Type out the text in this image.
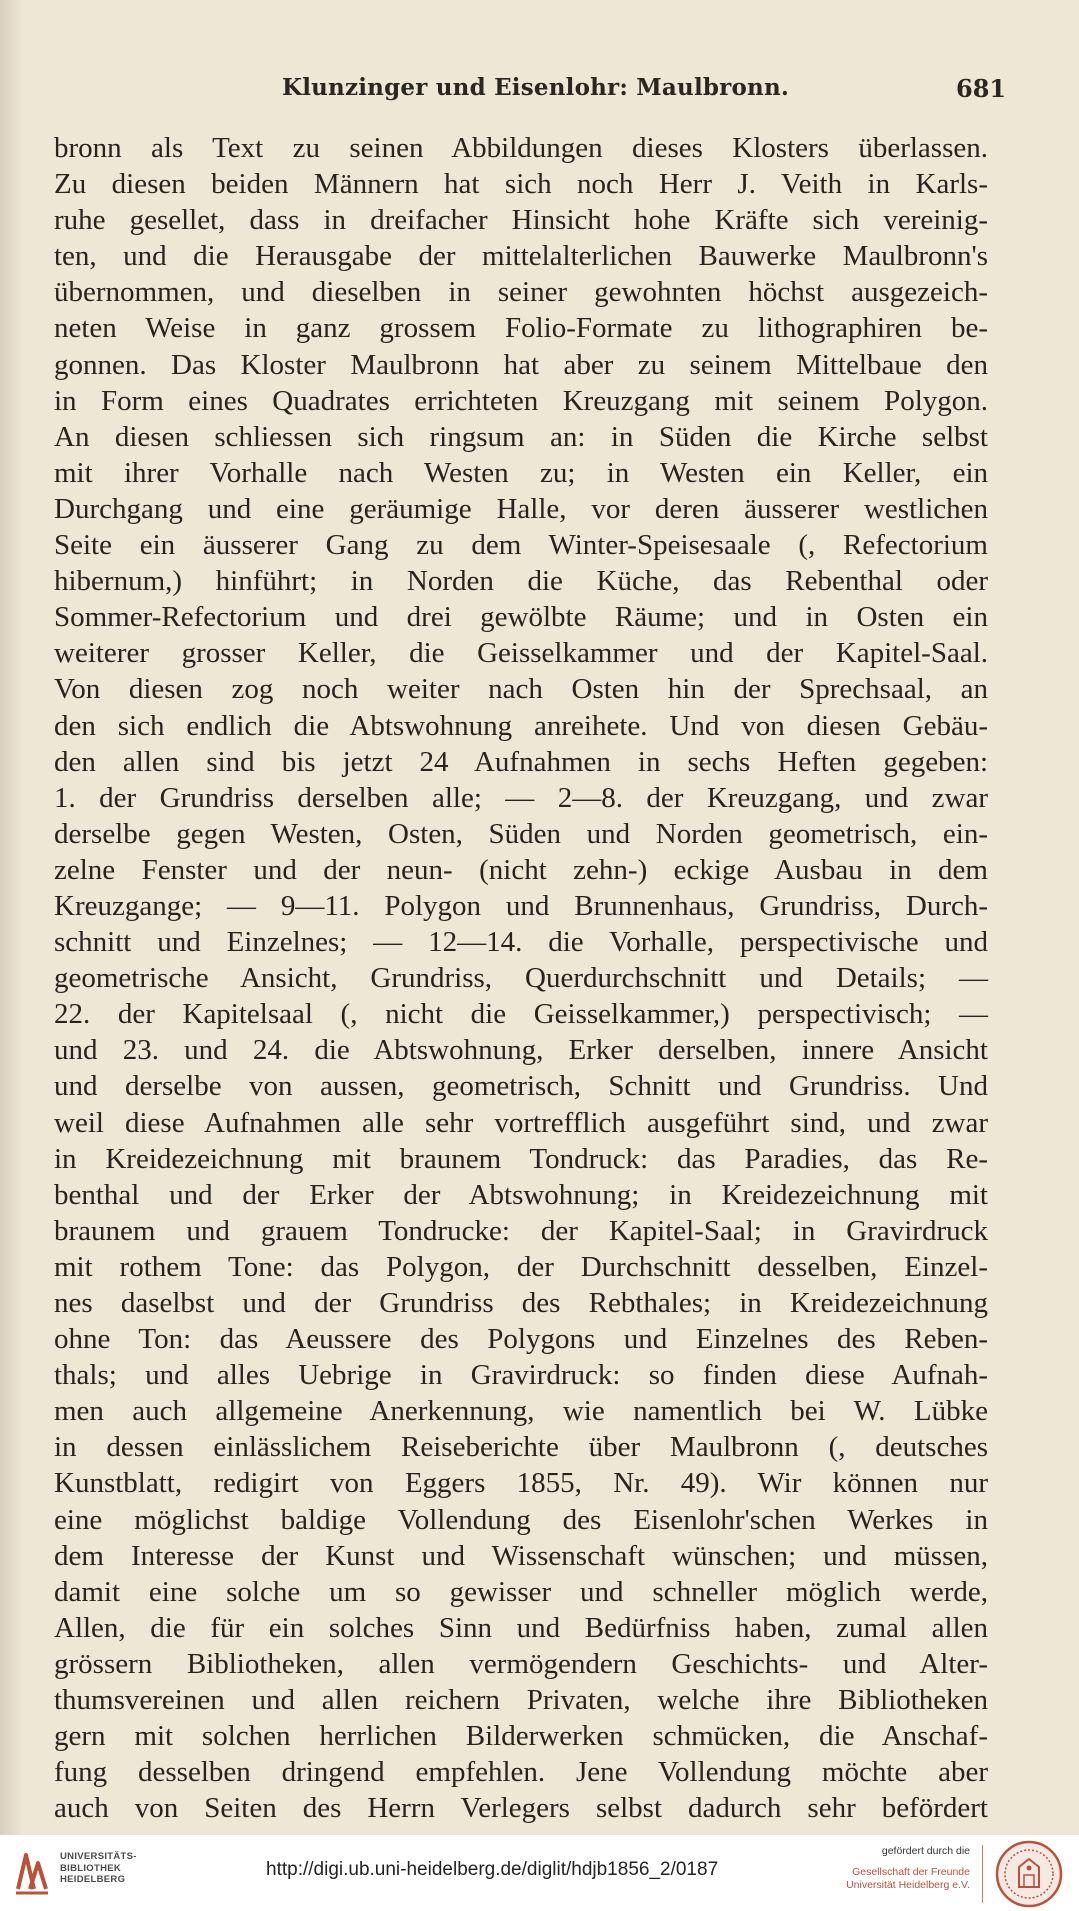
Klunzinger und Eisenlohr: Maulbronn.	681
bronn als Text zu seinen Abbildungen dieses Klosters überlassen.
Zu diesen beiden Männern hat sich noch Herr J. Veith in Karls-
ruhe gesellet, dass in dreifacher Hinsicht hohe Kräfte sich vereinig-
ten, und die Herausgabe der mittelalterlichen Bauwerke Maulbronn's
übernommen, und dieselben in seiner gewohnten höchst ausgezeich-
neten Weise in ganz grossem Folio-Formate zu lithographiren be-
gonnen. Das Kloster Maulbronn hat aber zu seinem Mittelbaue den
in Form eines Quadrates errichteten Kreuzgang mit seinem Polygon.
An diesen schliessen sich ringsum an: in Süden die Kirche selbst
mit ihrer Vorhalle nach Westen zu; in Westen ein Keller, ein
Durchgang und eine geräumige Halle, vor deren äusserer westlichen
Seite ein äusserer Gang zu dem Winter-Speisesaale (, Refectorium
hibernum,) hinführt; in Norden die Küche, das Rebenthal oder
Sommer-Refectorium und drei gewölbte Räume; und in Osten ein
weiterer grosser Keller, die Geisselkammer und der Kapitel-Saal.
Von diesen zog noch weiter nach Osten hin der Sprechsaal, an
den sich endlich die Abtswohnung anreihete. Und von diesen Gebäu-
den allen sind bis jetzt 24 Aufnahmen in sechs Heften gegeben:
1. der Grundriss derselben alle; — 2—8. der Kreuzgang, und zwar
derselbe gegen Westen, Osten, Süden und Norden geometrisch, ein-
zelne Fenster und der neun- (nicht zehn-) eckige Ausbau in dem
Kreuzgange; — 9—11. Polygon und Brunnenhaus, Grundriss, Durch-
schnitt und Einzelnes; — 12—14. die Vorhalle, perspectivische und
geometrische Ansicht, Grundriss, Querdurchschnitt und Details; —
22. der Kapitelsaal (, nicht die Geisselkammer,) perspectivisch; —
und 23. und 24. die Abtswohnung, Erker derselben, innere Ansicht
und derselbe von aussen, geometrisch, Schnitt und Grundriss. Und
weil diese Aufnahmen alle sehr vortrefflich ausgeführt sind, und zwar
in Kreidezeichnung mit braunem Tondruck: das Paradies, das Re-
benthal und der Erker der Abtswohnung; in Kreidezeichnung mit
braunem und grauem Tondrucke: der Kapitel-Saal; in Gravirdruck
mit rothem Tone: das Polygon, der Durchschnitt desselben, Einzel-
nes daselbst und der Grundriss des Rebthales; in Kreidezeichnung
ohne Ton: das Aeussere des Polygons und Einzelnes des Reben-
thals; und alles Uebrige in Gravirdruck: so finden diese Aufnah-
men auch allgemeine Anerkennung, wie namentlich bei W. Lübke
in dessen einlässlichem Reiseberichte über Maulbronn (, deutsches
Kunstblatt, redigirt von Eggers 1855, Nr. 49). Wir können nur
eine möglichst baldige Vollendung des Eisenlohr'schen Werkes in
dem Interesse der Kunst und Wissenschaft wünschen; und müssen,
damit eine solche um so gewisser und schneller möglich werde,
Allen, die für ein solches Sinn und Bedürfniss haben, zumal allen
grössern Bibliotheken, allen vermögendern Geschichts- und Alter-
thumsvereinen und allen reichern Privaten, welche ihre Bibliotheken
gern mit solchen herrlichen Bilderwerken schmücken, die Anschaf-
fung desselben dringend empfehlen. Jene Vollendung möchte aber
auch von Seiten des Herrn Verlegers selbst dadurch sehr befördert
UNIVERSITÄTS-
BIBLIOTHEK
HEIDELBERG	http://digi.ub.uni-heidelberg.de/diglit/hdjb1856_2/0187
gefördert durch die
Gesellschaft der Freunde
Universität Heidelberg e.V.
